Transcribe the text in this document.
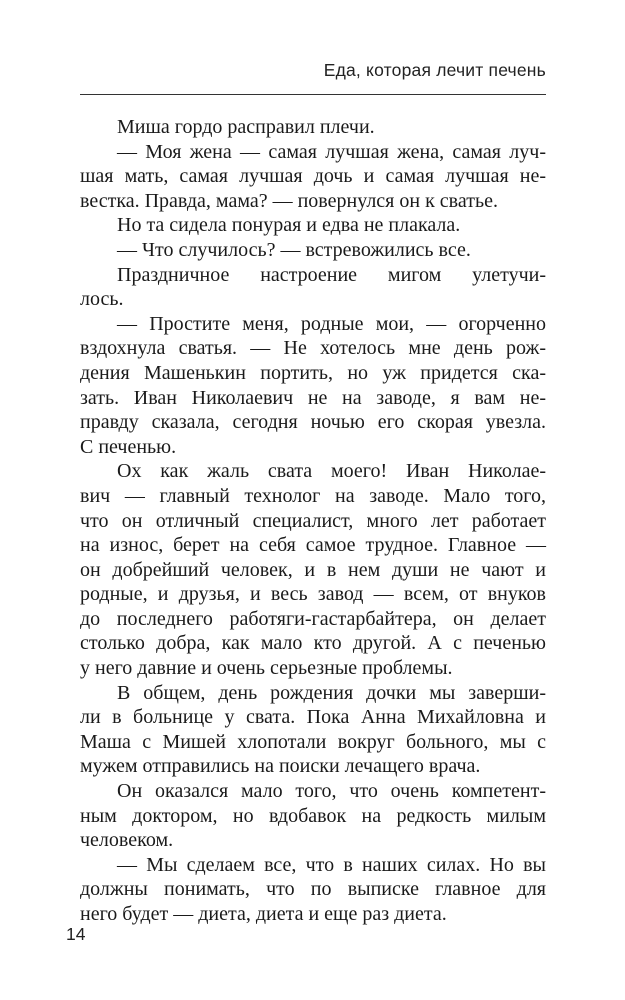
Еда, которая лечит печень
Миша гордо расправил плечи.
— Моя жена — самая лучшая жена, самая луч-
шая мать, самая лучшая дочь и самая лучшая не-
вестка. Правда, мама? — повернулся он к сватье.
Но та сидела понурая и едва не плакала.
— Что случилось? — встревожились все.
Праздничное настроение мигом улетучи-
лось.
— Простите меня, родные мои, — огорченно
вздохнула сватья. — Не хотелось мне день рож-
дения Машенькин портить, но уж придется ска-
зать. Иван Николаевич не на заводе, я вам не-
правду сказала, сегодня ночью его скорая увезла.
С печенью.
Ох как жаль свата моего! Иван Николае-
вич — главный технолог на заводе. Мало того,
что он отличный специалист, много лет работает
на износ, берет на себя самое трудное. Главное —
он добрейший человек, и в нем души не чают и
родные, и друзья, и весь завод — всем, от внуков
до последнего работяги-гастарбайтера, он делает
столько добра, как мало кто другой. А с печенью
у него давние и очень серьезные проблемы.
В общем, день рождения дочки мы заверши-
ли в больнице у свата. Пока Анна Михайловна и
Маша с Мишей хлопотали вокруг больного, мы с
мужем отправились на поиски лечащего врача.
Он оказался мало того, что очень компетент-
ным доктором, но вдобавок на редкость милым
человеком.
— Мы сделаем все, что в наших силах. Но вы
должны понимать, что по выписке главное для
него будет — диета, диета и еще раз диета.
14
